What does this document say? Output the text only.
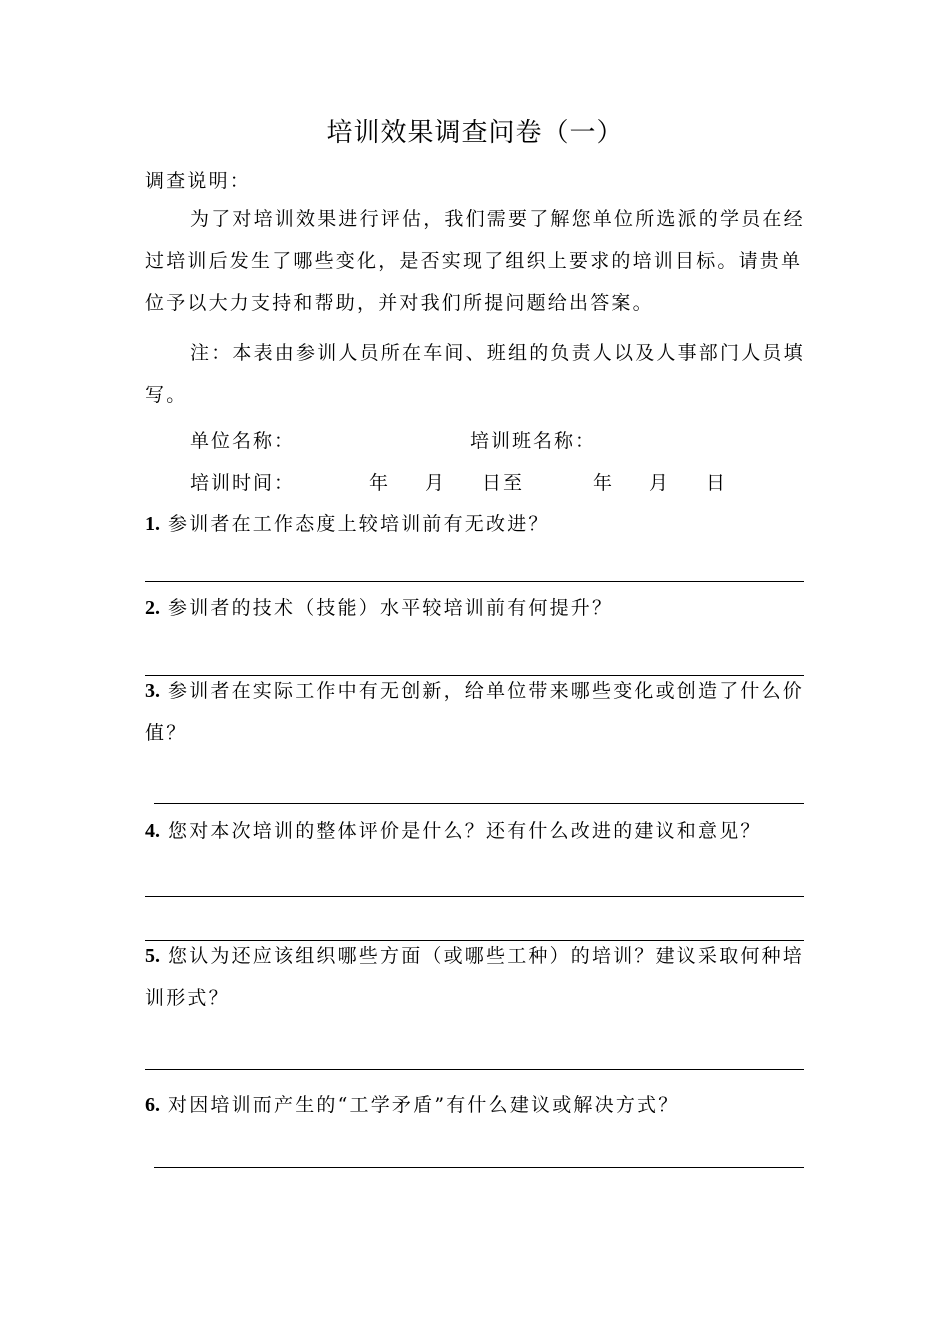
培训效果调查问卷（一）
调查说明：
为了对培训效果进行评估，我们需要了解您单位所选派的学员在经过培训后发生了哪些变化，是否实现了组织上要求的培训目标。请贵单位予以大力支持和帮助，并对我们所提问题给出答案。
注：本表由参训人员所在车间、班组的负责人以及人事部门人员填写。
单位名称：	培训班名称：
培训时间：	年 月 日至	年 月 日
1. 参训者在工作态度上较培训前有无改进？
2. 参训者的技术（技能）水平较培训前有何提升？
3. 参训者在实际工作中有无创新，给单位带来哪些变化或创造了什么价值？
4. 您对本次培训的整体评价是什么？还有什么改进的建议和意见？
5. 您认为还应该组织哪些方面（或哪些工种）的培训？建议采取何种培训形式？
6. 对因培训而产生的“工学矛盾”有什么建议或解决方式？
